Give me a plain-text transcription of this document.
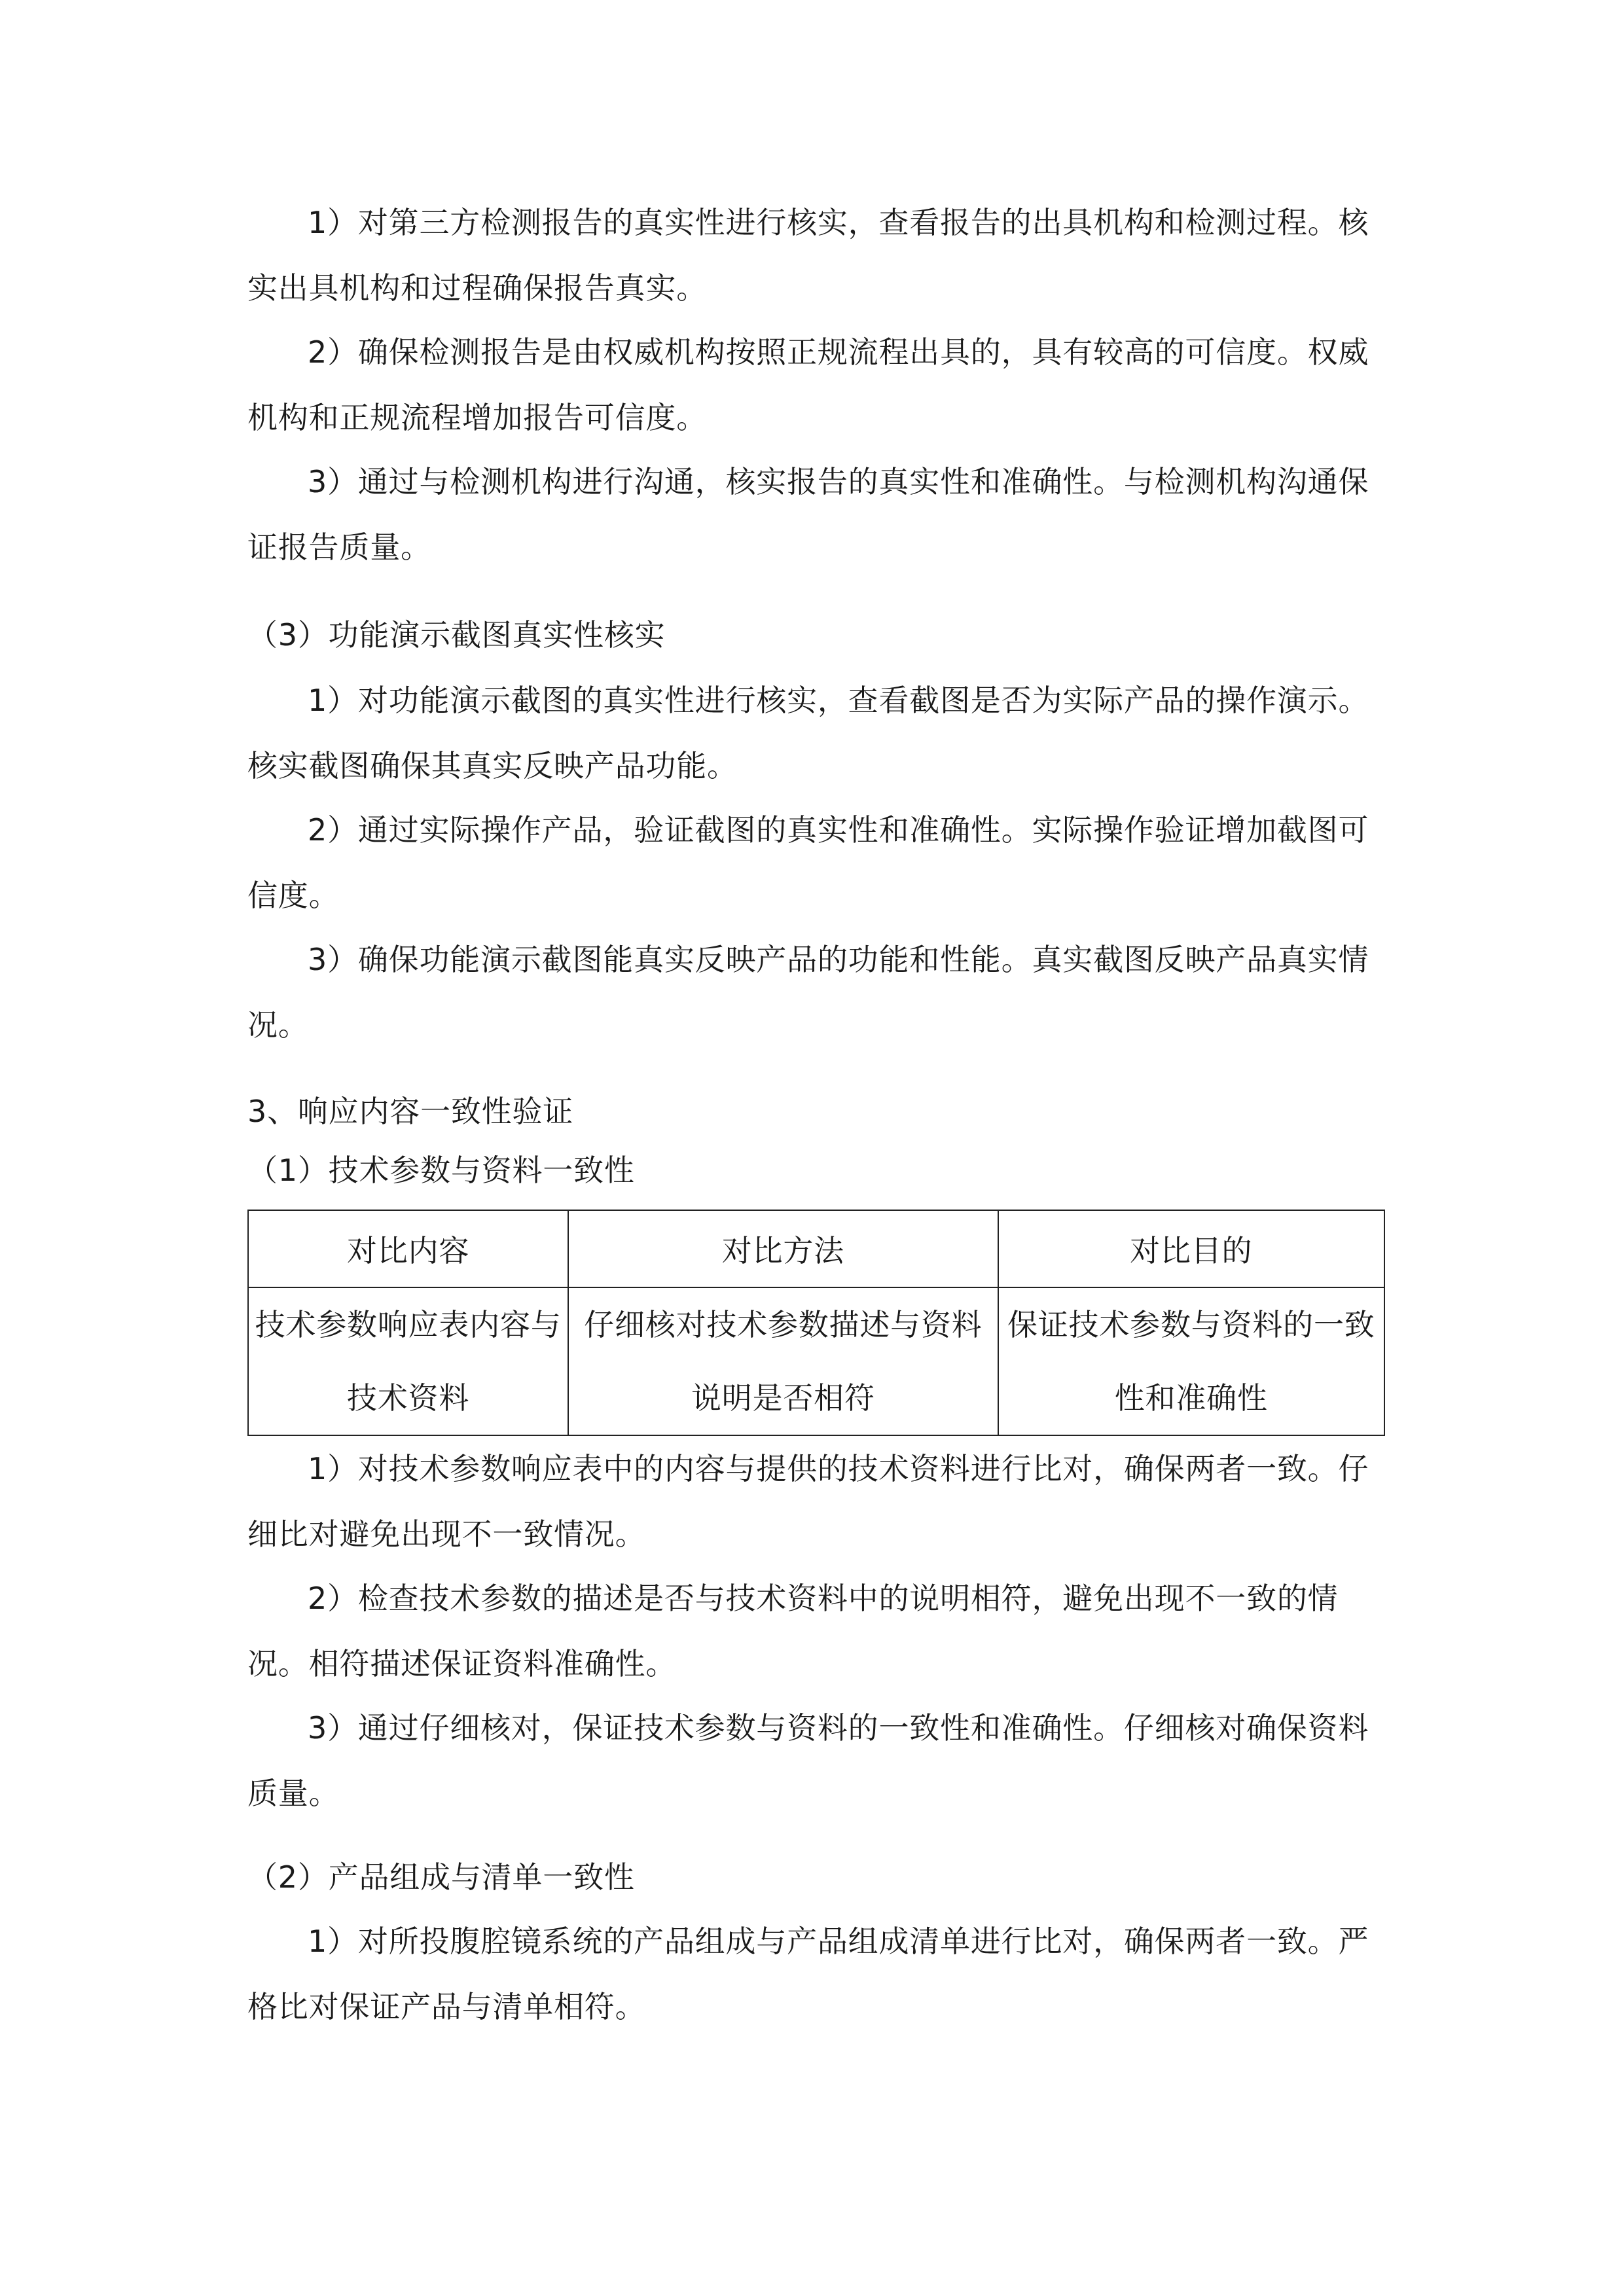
1）对第三方检测报告的真实性进行核实，查看报告的出具机构和检测过程。核实出具机构和过程确保报告真实。

2）确保检测报告是由权威机构按照正规流程出具的，具有较高的可信度。权威机构和正规流程增加报告可信度。

3）通过与检测机构进行沟通，核实报告的真实性和准确性。与检测机构沟通保证报告质量。

（3）功能演示截图真实性核实

1）对功能演示截图的真实性进行核实，查看截图是否为实际产品的操作演示。核实截图确保其真实反映产品功能。

2）通过实际操作产品，验证截图的真实性和准确性。实际操作验证增加截图可信度。

3）确保功能演示截图能真实反映产品的功能和性能。真实截图反映产品真实情况。

3、响应内容一致性验证

（1）技术参数与资料一致性

对比内容	对比方法	对比目的
技术参数响应表内容与技术资料	仔细核对技术参数描述与资料说明是否相符	保证技术参数与资料的一致性和准确性

1）对技术参数响应表中的内容与提供的技术资料进行比对，确保两者一致。仔细比对避免出现不一致情况。

2）检查技术参数的描述是否与技术资料中的说明相符，避免出现不一致的情况。相符描述保证资料准确性。

3）通过仔细核对，保证技术参数与资料的一致性和准确性。仔细核对确保资料质量。

（2）产品组成与清单一致性

1）对所投腹腔镜系统的产品组成与产品组成清单进行比对，确保两者一致。严格比对保证产品与清单相符。
